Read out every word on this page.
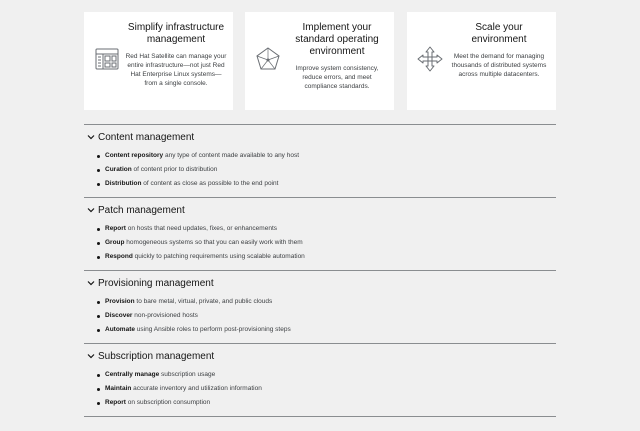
Simplify infrastructure management

Red Hat Satellite can manage your entire infrastructure—not just Red Hat Enterprise Linux systems—from a single console.

Implement your standard operating environment

Improve system consistency, reduce errors, and meet compliance standards.

Scale your environment

Meet the demand for managing thousands of distributed systems across multiple datacenters.

Content management
Content repository any type of content made available to any host
Curation of content prior to distribution
Distribution of content as close as possible to the end point
Patch management
Report on hosts that need updates, fixes, or enhancements
Group homogeneous systems so that you can easily work with them
Respond quickly to patching requirements using scalable automation
Provisioning management
Provision to bare metal, virtual, private, and public clouds
Discover non-provisioned hosts
Automate using Ansible roles to perform post-provisioning steps
Subscription management
Centrally manage subscription usage
Maintain accurate inventory and utilization information
Report on subscription consumption
